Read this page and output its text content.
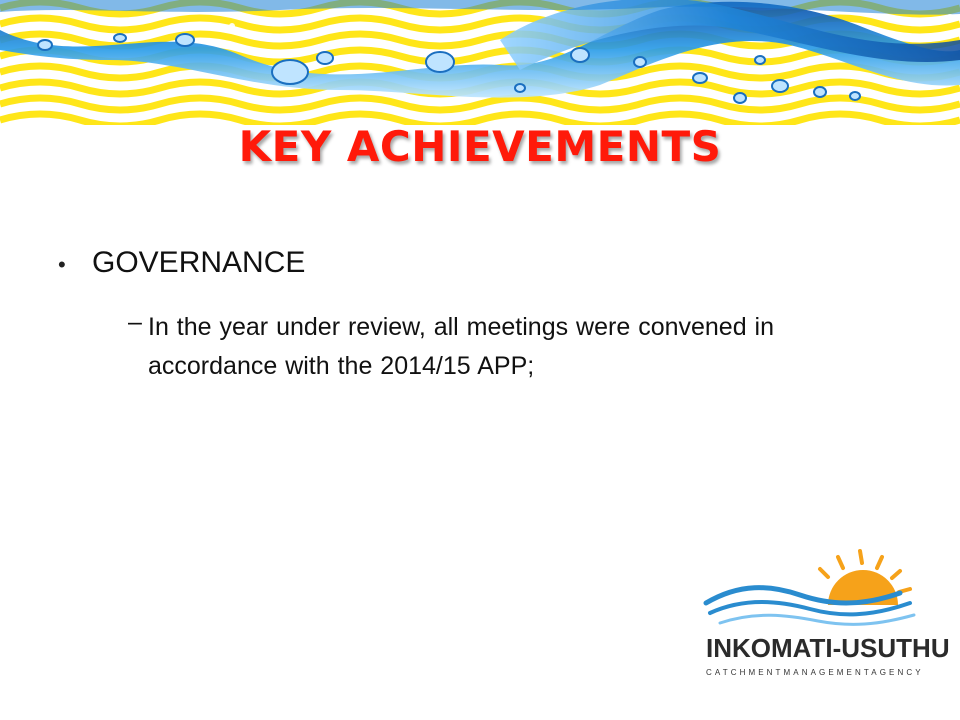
KEY ACHIEVEMENTS
• GOVERNANCE
– In the year under review, all meetings were convened in accordance with the 2014/15 APP;
INKOMATI-USUTHU
CATCHMENTMANAGEMENTAGENCY
